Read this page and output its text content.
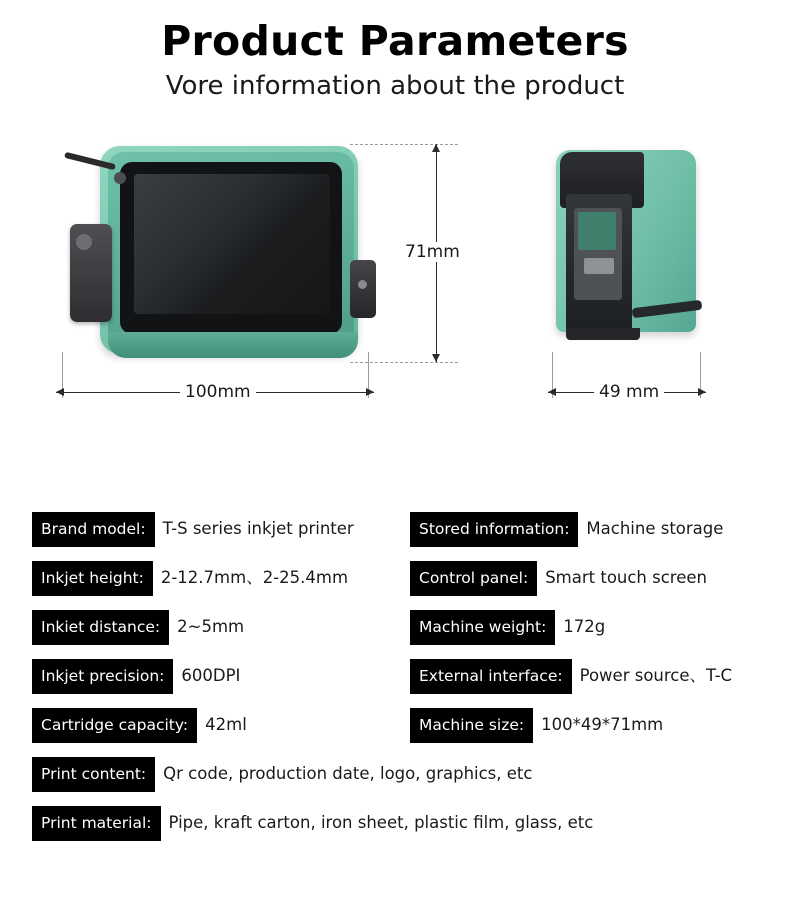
Product Parameters
Vore information about the product
71mm
100mm	49 mm
Brand model:	T-S series inkjet printer
Inkjet height:	2-12.7mm、2-25.4mm
Inkiet distance:	2~5mm
Inkjet precision:	600DPI
Cartridge capacity:	42ml
Print content:	Qr code, production date, logo, graphics, etc
Print material:	Pipe, kraft carton, iron sheet, plastic film, glass, etc
Stored information:	Machine storage
Control panel:	Smart touch screen
Machine weight:	172g
External interface:	Power source、T-C
Machine size:	100*49*71mm
